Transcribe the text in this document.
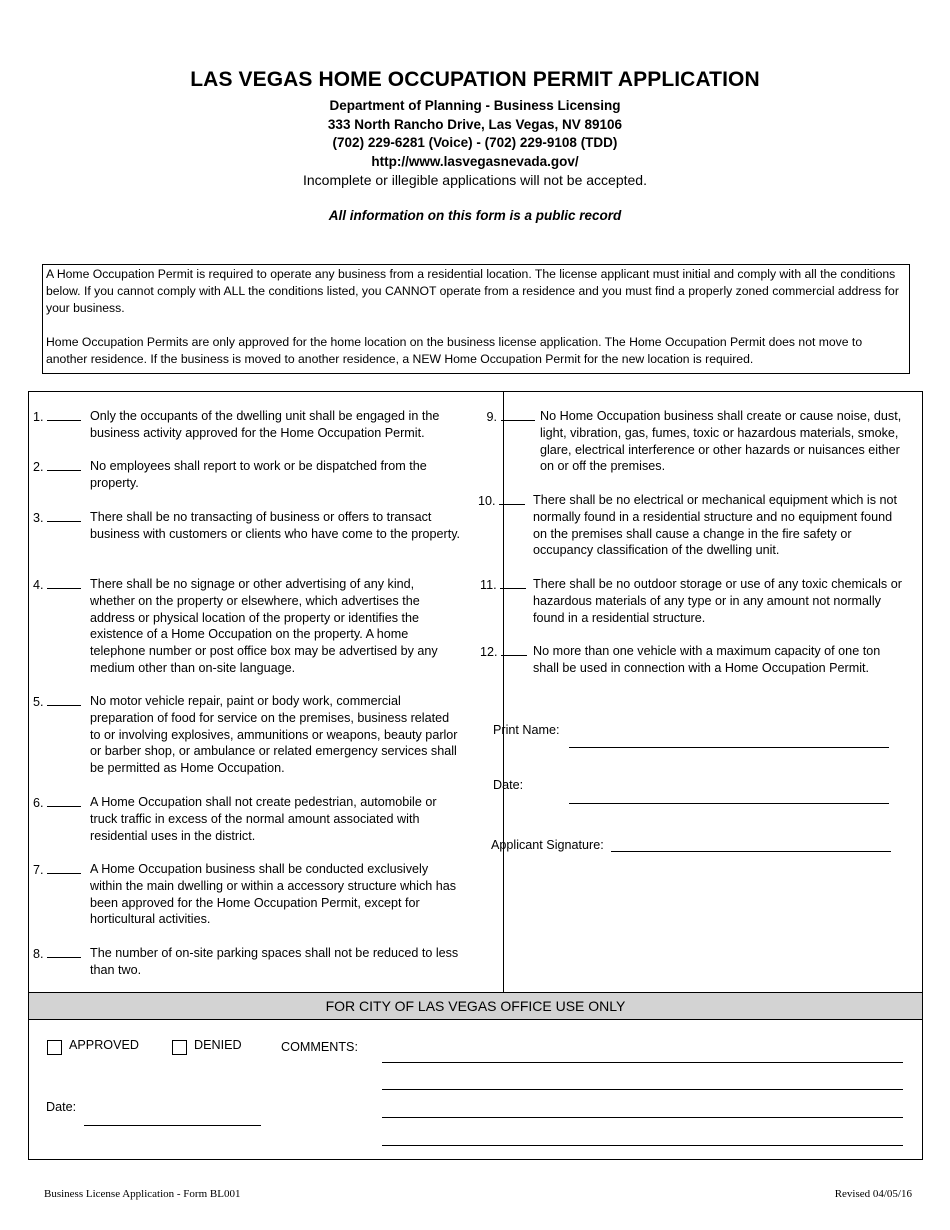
LAS VEGAS HOME OCCUPATION PERMIT APPLICATION
Department of Planning - Business Licensing
333 North Rancho Drive, Las Vegas, NV 89106
(702) 229-6281 (Voice) - (702) 229-9108 (TDD)
http://www.lasvegasnevada.gov/
Incomplete or illegible applications will not be accepted.
All information on this form is a public record

A Home Occupation Permit is required to operate any business from a residential location. The license applicant must initial and comply with all the conditions below. If you cannot comply with ALL the conditions listed, you CANNOT operate from a residence and you must find a properly zoned commercial address for your business.

Home Occupation Permits are only approved for the home location on the business license application. The Home Occupation Permit does not move to another residence. If the business is moved to another residence, a NEW Home Occupation Permit for the new location is required.

1.	Only the occupants of the dwelling unit shall be engaged in the business activity approved for the Home Occupation Permit.
2.	No employees shall report to work or be dispatched from the property.
3.	There shall be no transacting of business or offers to transact business with customers or clients who have come to the property.
4.	There shall be no signage or other advertising of any kind, whether on the property or elsewhere, which advertises the address or physical location of the property or identifies the existence of a Home Occupation on the property. A home telephone number or post office box may be advertised by any medium other than on-site language.
5.	No motor vehicle repair, paint or body work, commercial preparation of food for service on the premises, business related to or involving explosives, ammunitions or weapons, beauty parlor or barber shop, or ambulance or related emergency services shall be permitted as Home Occupation.
6.	A Home Occupation shall not create pedestrian, automobile or truck traffic in excess of the normal amount associated with residential uses in the district.
7.	A Home Occupation business shall be conducted exclusively within the main dwelling or within a accessory structure which has been approved for the Home Occupation Permit, except for horticultural activities.
8.	The number of on-site parking spaces shall not be reduced to less than two.
9.	No Home Occupation business shall create or cause noise, dust, light, vibration, gas, fumes, toxic or hazardous materials, smoke, glare, electrical interference or other hazards or nuisances either on or off the premises.
10.	There shall be no electrical or mechanical equipment which is not normally found in a residential structure and no equipment found on the premises shall cause a change in the fire safety or occupancy classification of the dwelling unit.
11.	There shall be no outdoor storage or use of any toxic chemicals or hazardous materials of any type or in any amount not normally found in a residential structure.
12.	No more than one vehicle with a maximum capacity of one ton shall be used in connection with a Home Occupation Permit.
Print Name:
Date:
Applicant Signature:
FOR CITY OF LAS VEGAS OFFICE USE ONLY
APPROVED	DENIED	COMMENTS:
Date:
Business License Application - Form BL001	Revised 04/05/16
